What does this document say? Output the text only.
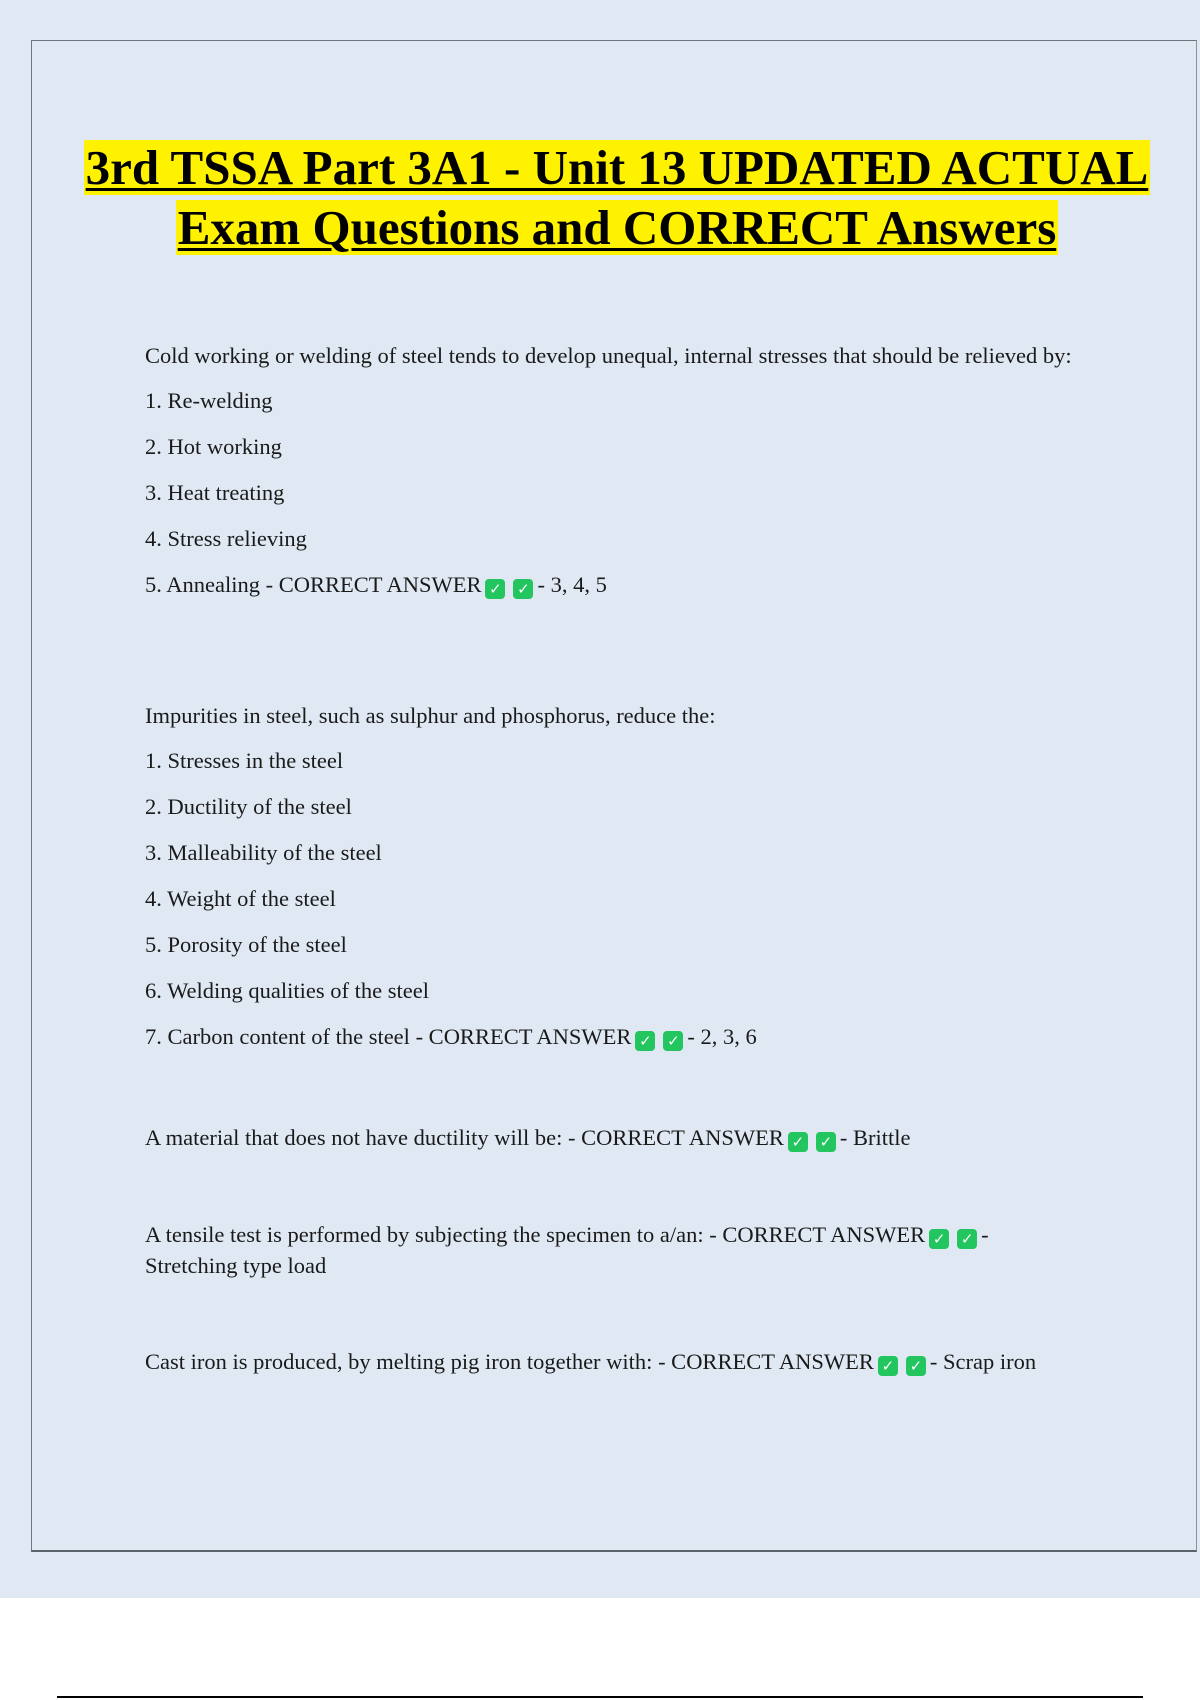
3rd TSSA Part 3A1 - Unit 13 UPDATED ACTUAL Exam Questions and CORRECT Answers

Cold working or welding of steel tends to develop unequal, internal stresses that should be relieved by:

1. Re-welding

2. Hot working

3. Heat treating

4. Stress relieving

5. Annealing - CORRECT ANSWER ✓ ✓ - 3, 4, 5

Impurities in steel, such as sulphur and phosphorus, reduce the:

1. Stresses in the steel

2. Ductility of the steel

3. Malleability of the steel

4. Weight of the steel

5. Porosity of the steel

6. Welding qualities of the steel

7. Carbon content of the steel - CORRECT ANSWER ✓ ✓ - 2, 3, 6

A material that does not have ductility will be: - CORRECT ANSWER ✓ ✓ - Brittle

A tensile test is performed by subjecting the specimen to a/an: - CORRECT ANSWER ✓ ✓ - Stretching type load

Cast iron is produced, by melting pig iron together with: - CORRECT ANSWER ✓ ✓ - Scrap iron
